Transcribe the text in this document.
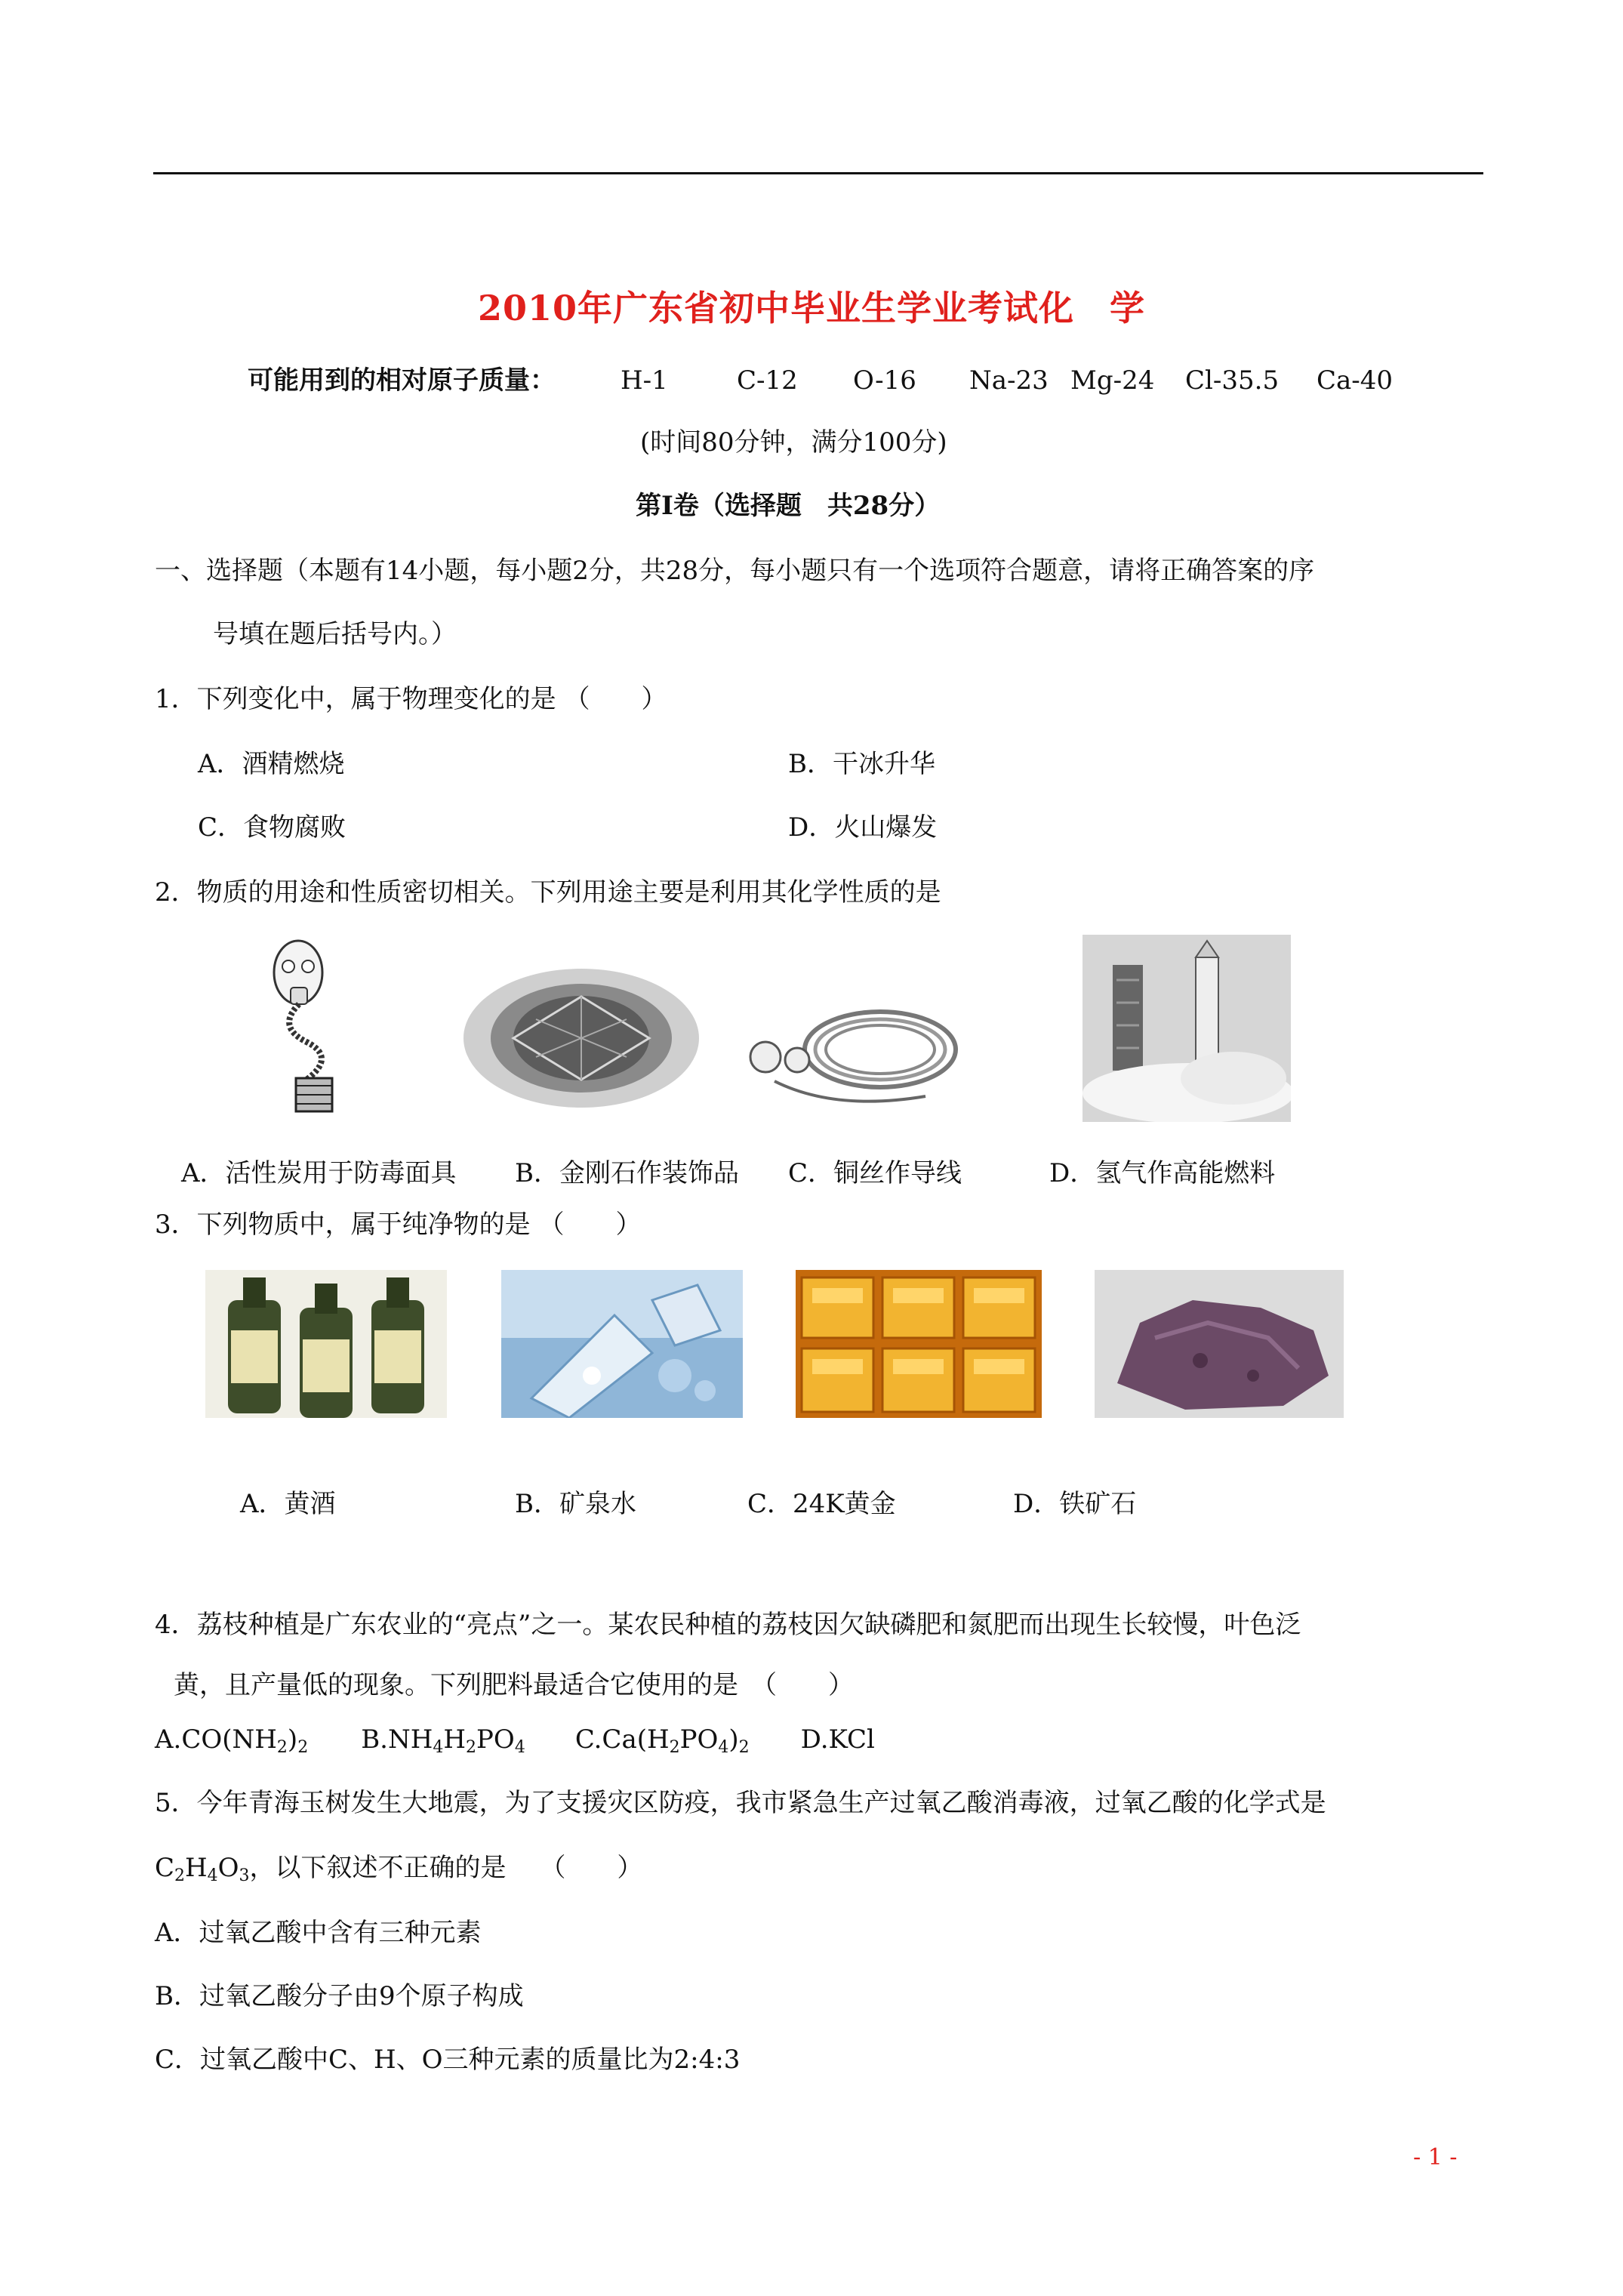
2010年广东省初中毕业生学业考试化　学
可能用到的相对原子质量：	H-1	C-12 O-16 Na-23 Mg-24 Cl-35.5 Ca-40
(时间80分钟，满分100分)
第Ⅰ卷（选择题　共28分）
一、选择题（本题有14小题，每小题2分，共28分，每小题只有一个选项符合题意，请将正确答案的序
号填在题后括号内。）
1．下列变化中，属于物理变化的是 （　　）
A．酒精燃烧	B．干冰升华
C．食物腐败	D．火山爆发
2．物质的用途和性质密切相关。下列用途主要是利用其化学性质的是
A．活性炭用于防毒面具 B．金刚石作装饰品 C．铜丝作导线	D．氢气作高能燃料
3．下列物质中，属于纯净物的是 （　　）
A．黄酒	B．矿泉水	C．24K黄金	D．铁矿石
4．荔枝种植是广东农业的“亮点”之一。某农民种植的荔枝因欠缺磷肥和氮肥而出现生长较慢，叶色泛
黄，且产量低的现象。下列肥料最适合它使用的是　（　　）
$A.CO(NH_2)_2$ $B.NH_4H_2PO_4$ $C.Ca(H_2PO_4)_2$ D.KCl
5．今年青海玉树发生大地震，为了支援灾区防疫，我市紧急生产过氧乙酸消毒液，过氧乙酸的化学式是
$C_2H_4O_3$，以下叙述不正确的是　 （　　）
A．过氧乙酸中含有三种元素
B．过氧乙酸分子由9个原子构成
C．过氧乙酸中C、H、O三种元素的质量比为2:4:3
- 1 -
